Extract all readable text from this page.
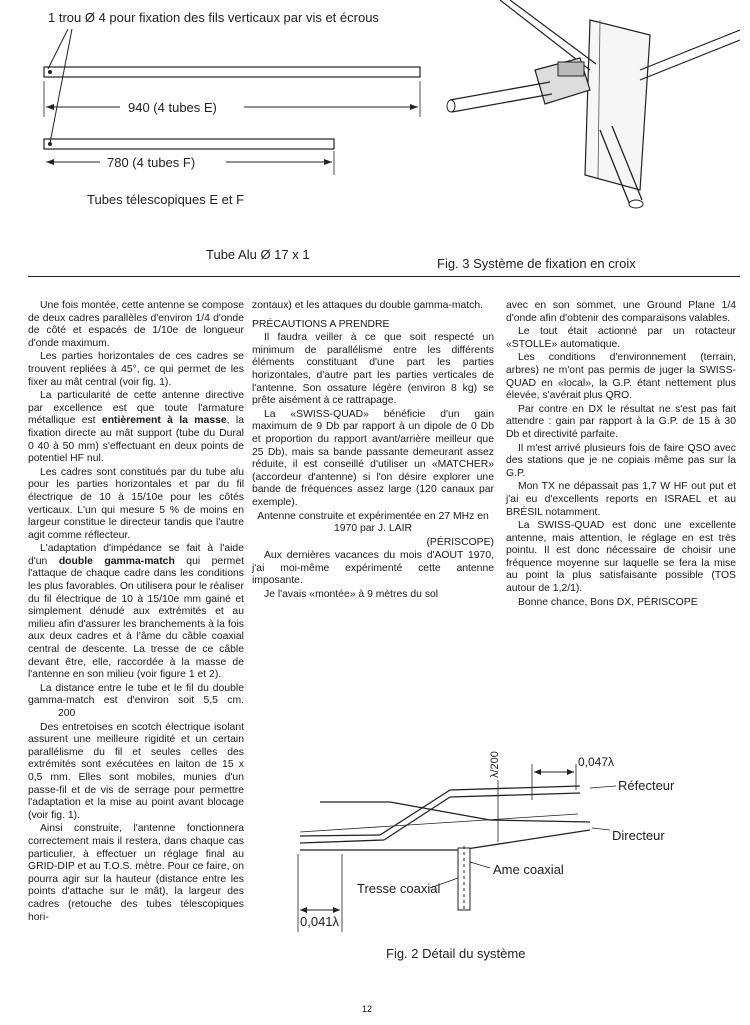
1 trou Ø 4 pour fixation des fils verticaux par vis et écrous
940 (4 tubes E)
780 (4 tubes F)
Tubes télescopiques E et F
Tube Alu Ø 17 x 1
Fig. 3 Système de fixation en croix

Une fois montée, cette antenne se compose de deux cadres parallèles d'environ 1/4 d'onde de côté et espacés de 1/10e de longueur d'onde maximum.

Les parties horizontales de ces cadres se trouvent repliées à 45°, ce qui permet de les fixer au mât central (voir fig. 1).

La particularité de cette antenne directive par excellence est que toute l'armature métallique est entièrement à la masse, la fixation directe au mât support (tube du Dural 0 40 à 50 mm) s'effectuant en deux points de potentiel HF nul.

Les cadres sont constitués par du tube alu pour les parties horizontales et par du fil électrique de 10 à 15/10e pour les côtés verticaux. L'un qui mesure 5 % de moins en largeur constitue le directeur tandis que l'autre agit comme réflecteur.

L'adaptation d'impédance se fait à l'aide d'un double gamma-match qui permet l'attaque de chaque cadre dans les conditions les plus favorables. On utilisera pour le réaliser du fil électrique de 10 à 15/10e mm gainé et simplement dénudé aux extrémités et au milieu afin d'assurer les branchements à la fois aux deux cadres et à l'âme du câble coaxial central de descente. La tresse de ce câble devant être, elle, raccordée à la masse de l'antenne en son milieu (voir figure 1 et 2).

La distance entre le tube et le fil du double gamma-match est d'environ soit 5,5 cm. 200

Des entretoises en scotch électrique isolant assurent une meilleure rigidité et un certain parallélisme du fil et seules celles des extrémités sont exécutées en laiton de 15 x 0,5 mm. Elles sont mobiles, munies d'un passe-fil et de vis de serrage pour permettre l'adaptation et la mise au point avant blocage (voir fig. 1).

Ainsi construite, l'antenne fonctionnera correctement mais il restera, dans chaque cas particulier, à effectuer un réglage final au GRID-DIP et au T.O.S. mètre. Pour ce faire, on pourra agir sur la hauteur (distance entre les points d'attache sur le mât), la largeur des cadres (retouche des tubes télescopiques hori-

zontaux) et les attaques du double gamma-match.

PRÉCAUTIONS A PRENDRE

Il faudra veiller à ce que soit respecté un minimum de parallélisme entre les différents éléments constituant d'une part les parties horizontales, d'autre part les parties verticales de l'antenne. Son ossature légère (environ 8 kg) se prête aisément à ce rattrapage.

La «SWISS-QUAD» bénéficie d'un gain maximum de 9 Db par rapport à un dipole de 0 Db et proportion du rapport avant/arrière meilleur que 25 Db), mais sa bande passante demeurant assez réduite, il est conseillé d'utiliser un «MATCHER» (accordeur d'antenne) si l'on désire explorer une bande de fréquences assez large (120 canaux par exemple).

Antenne construite et expérimentée en 27 MHz en 1970 par J. LAIR

(PÉRISCOPE)

Aux dernières vacances du mois d'AOUT 1970, j'ai moi-même expérimenté cette antenne imposante.

Je l'avais «montée» à 9 mètres du sol

avec en son sommet, une Ground Plane 1/4 d'onde afin d'obtenir des comparaisons valables.

Le tout était actionné par un rotacteur «STOLLE» automatique.

Les conditions d'environnement (terrain, arbres) ne m'ont pas permis de juger la SWISS-QUAD en «local», la G.P. étant nettement plus élevée, s'avérait plus QRO.

Par contre en DX le résultat ne s'est pas fait attendre : gain par rapport à la G.P. de 15 à 30 Db et directivité parfaite.

Il m'est arrivé plusieurs fois de faire QSO avec des stations que je ne copiais même pas sur la G.P.

Mon TX ne dépassait pas 1,7 W HF out put et j'ai eu d'excellents reports en ISRAEL et au BRÉSIL notamment.

La SWISS-QUAD est donc une excellente antenne, mais attention, le réglage en est très pointu. Il est donc nécessaire de choisir une fréquence moyenne sur laquelle se fera la mise au point la plus satisfaisante possible (TOS autour de 1,2/1).

Bonne chance, Bons DX, PÉRISCOPE

0,047λ
λ/200
Réfecteur
Directeur
Ame coaxial
Tresse coaxial
0,041λ
Fig. 2 Détail du système
12
